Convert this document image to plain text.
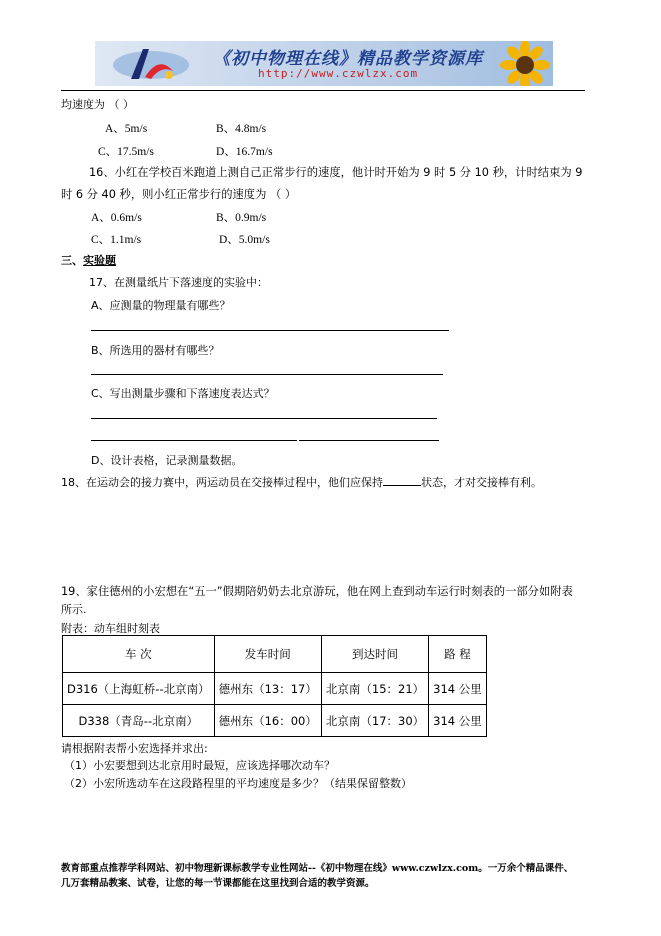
《初中物理在线》精品教学资源库
http://www.czwlzx.com
均速度为 （ ）
A、5m/s	B、4.8m/s
C、17.5m/s	D、16.7m/s
16、小红在学校百米跑道上测自己正常步行的速度，他计时开始为 9 时 5 分 10 秒，计时结束为 9
时 6 分 40 秒，则小红正常步行的速度为 （ ）
A、0.6m/s	B、0.9m/s
C、1.1m/s	D、5.0m/s
三、实验题
17、在测量纸片下落速度的实验中：
A、应测量的物理量有哪些？
B、所选用的器材有哪些？
C、写出测量步骤和下落速度表达式？
D、设计表格，记录测量数据。
18、在运动会的接力赛中，两运动员在交接棒过程中，他们应保持	状态，才对交接棒有利。
19、家住德州的小宏想在“五一”假期陪奶奶去北京游玩，他在网上查到动车运行时刻表的一部分如附表
所示.
附表：动车组时刻表
车 次	发车时间	到达时间	路 程
D316（上海虹桥--北京南）	德州东（13：17）	北京南（15：21）	314 公里
D338（青岛--北京南）	德州东（16：00）	北京南（17：30）	314 公里
请根据附表帮小宏选择并求出:
（1）小宏要想到达北京用时最短，应该选择哪次动车？
（2）小宏所选动车在这段路程里的平均速度是多少？（结果保留整数）
教育部重点推荐学科网站、初中物理新课标教学专业性网站--《初中物理在线》www.czwlzx.com。一万余个精品课件、
几万套精品教案、试卷，让您的每一节课都能在这里找到合适的教学资源。
